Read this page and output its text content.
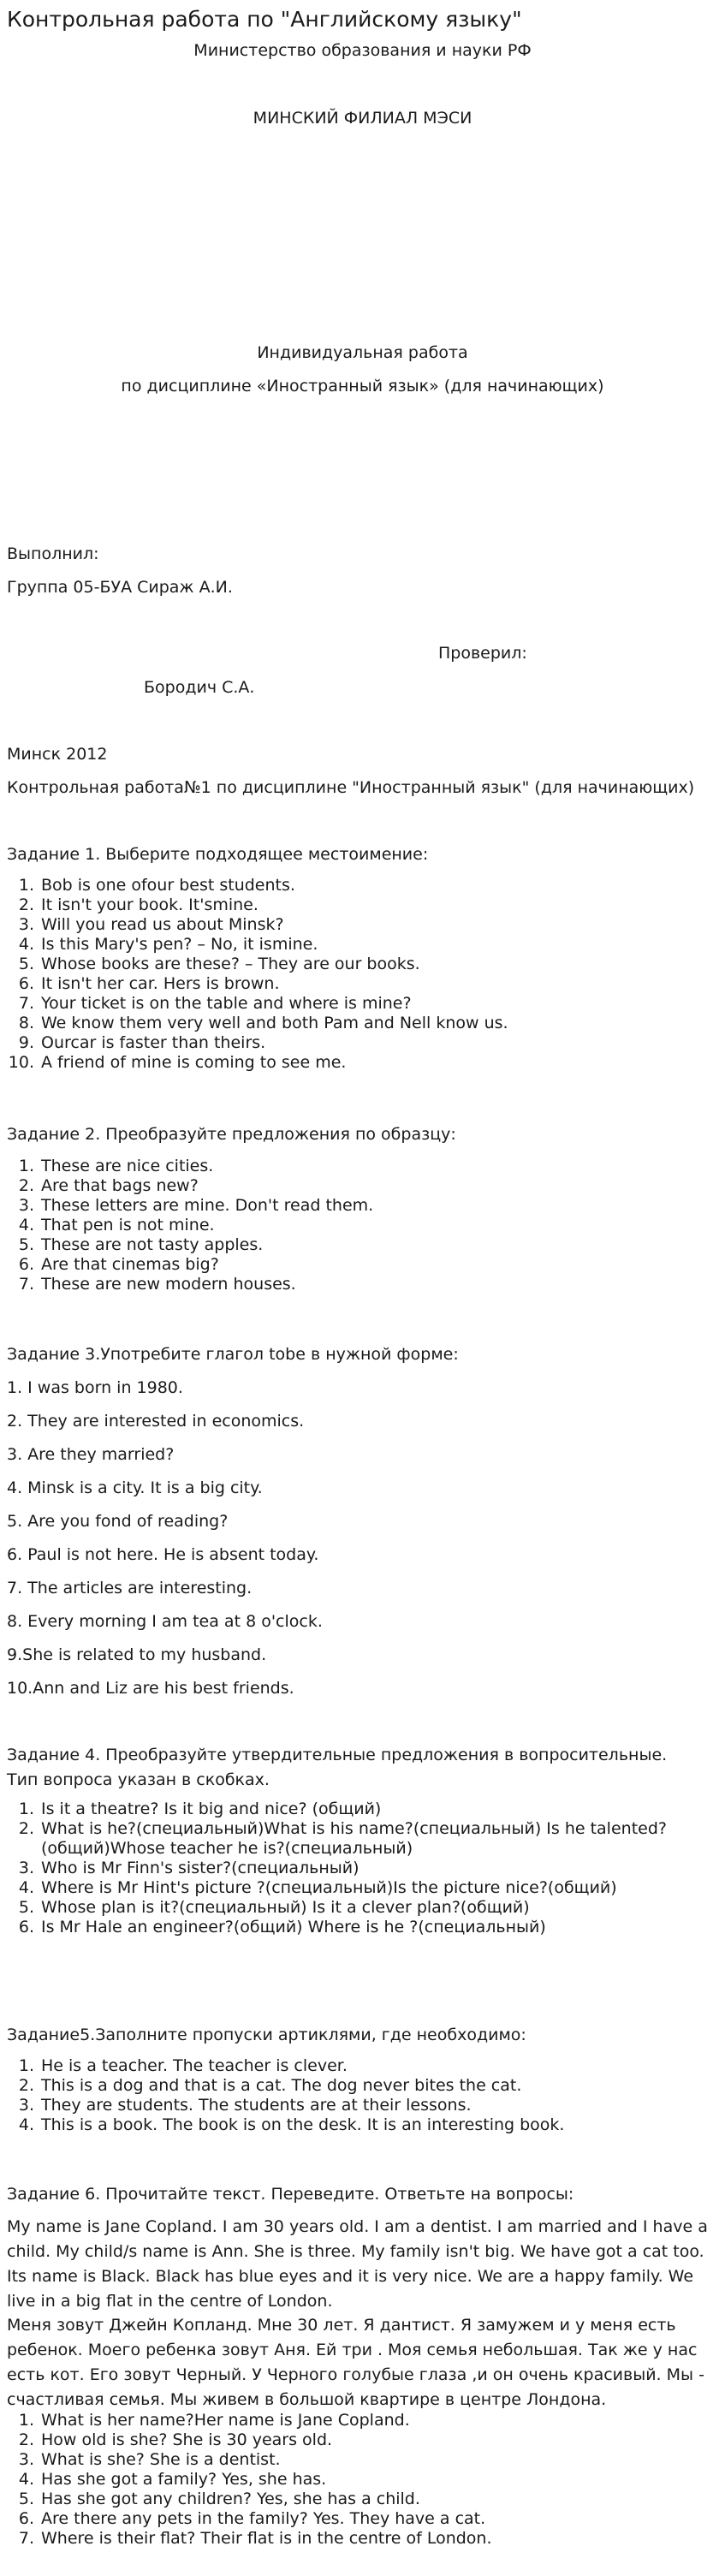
Контрольная работа по "Английскому языку"
Министерство образования и науки РФ
МИНСКИЙ ФИЛИАЛ МЭСИ
Индивидуальная работа
по дисциплине «Иностранный язык» (для начинающих)
Выполнил:
Группа 05-БУА Сираж А.И.
Проверил:
Бородич С.А.
Минск 2012
Контрольная работа№1 по дисциплине "Иностранный язык" (для начинающих)
Задание 1. Выберите подходящее местоимение:
Bob is one ofour best students.
It isn't your book. It'smine.
Will you read us about Minsk?
Is this Mary's pen? – No, it ismine.
Whose books are these? – They are our books.
It isn't her car. Hers is brown.
Your ticket is on the table and where is mine?
We know them very well and both Pam and Nell know us.
Ourcar is faster than theirs.
A friend of mine is coming to see me.
Задание 2. Преобразуйте предложения по образцу:
These are nice cities.
Are that bags new?
These letters are mine. Don't read them.
That pen is not mine.
These are not tasty apples.
Are that cinemas big?
These are new modern houses.
Задание 3.Употребите глагол tobe в нужной форме:
1. I was born in 1980.
2. They are interested in economics.
3. Are they married?
4. Minsk is a city. It is a big city.
5. Are you fond of reading?
6. Paul is not here. He is absent today.
7. The articles are interesting.
8. Every morning I am tea at 8 o'clock.
9.She is related to my husband.
10.Ann and Liz are his best friends.
Задание 4. Преобразуйте утвердительные предложения в вопросительные.
Тип вопроса указан в скобках.
Is it a theatre? Is it big and nice? (общий)
What is he?(специальный)What is his name?(специальный) Is he talented?(общий)Whose teacher he is?(специальный)
Who is Mr Finn's sister?(специальный)
Where is Mr Hint's picture ?(специальный)Is the picture nice?(общий)
Whose plan is it?(специальный) Is it a clever plan?(общий)
Is Mr Hale an engineer?(общий) Where is he ?(специальный)
Задание5.Заполните пропуски артиклями, где необходимо:
He is a teacher. The teacher is clever.
This is a dog and that is a cat. The dog never bites the cat.
They are students. The students are at their lessons.
This is a book. The book is on the desk. It is an interesting book.
Задание 6. Прочитайте текст. Переведите. Ответьте на вопросы:
My name is Jane Copland. I am 30 years old. I am a dentist. I am married and I have a child. My child/s name is Ann. She is three. My family isn't big. We have got a cat too. Its name is Black. Black has blue eyes and it is very nice. We are a happy family. We live in a big flat in the centre of London.
Меня зовут Джейн Копланд. Мне 30 лет. Я дантист. Я замужем и у меня есть ребенок. Моего ребенка зовут Аня. Ей три . Моя семья небольшая. Так же у нас есть кот. Его зовут Черный. У Черного голубые глаза ,и он очень красивый. Мы - счастливая семья. Мы живем в большой квартире в центре Лондона.
What is her name?Her name is Jane Copland.
How old is she? She is 30 years old.
What is she? She is a dentist.
Has she got a family? Yes, she has.
Has she got any children? Yes, she has a child.
Are there any pets in the family? Yes. They have a cat.
Where is their flat? Their flat is in the centre of London.
